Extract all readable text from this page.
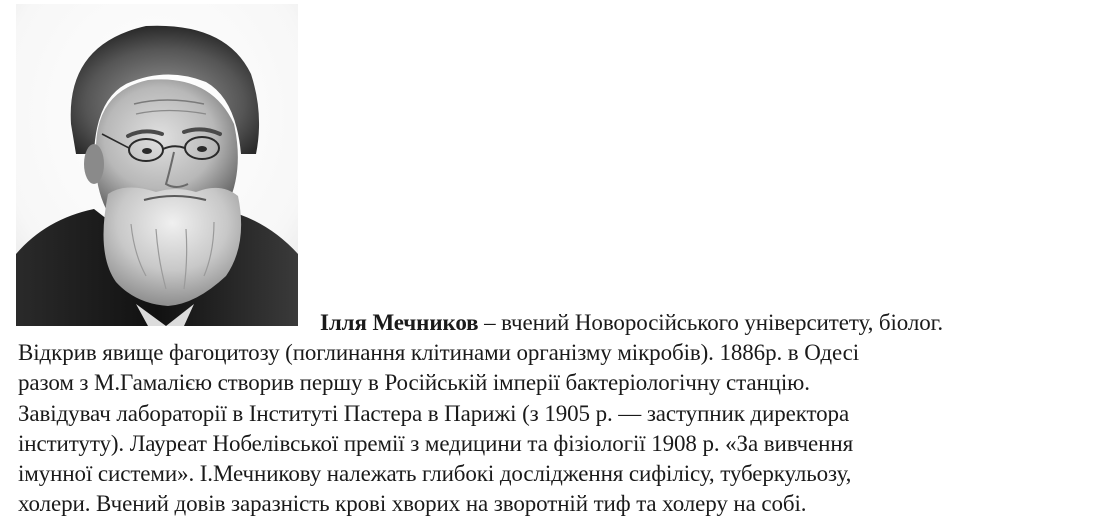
Ілля Мечников – вчений Новоросійського університету, біолог.
Відкрив явище фагоцитозу (поглинання клітинами організму мікробів). 1886р. в Одесі
разом з М.Гамалією створив першу в Російській імперії бактеріологічну станцію.
Завідувач лабораторії в Інституті Пастера в Парижі (з 1905 р. — заступник директора
інституту). Лауреат Нобелівської премії з медицини та фізіології 1908 р. «За вивчення
імунної системи». І.Мечникову належать глибокі дослідження сифілісу, туберкульозу,
холери. Вчений довів заразність крові хворих на зворотній тиф та холеру на собі.
